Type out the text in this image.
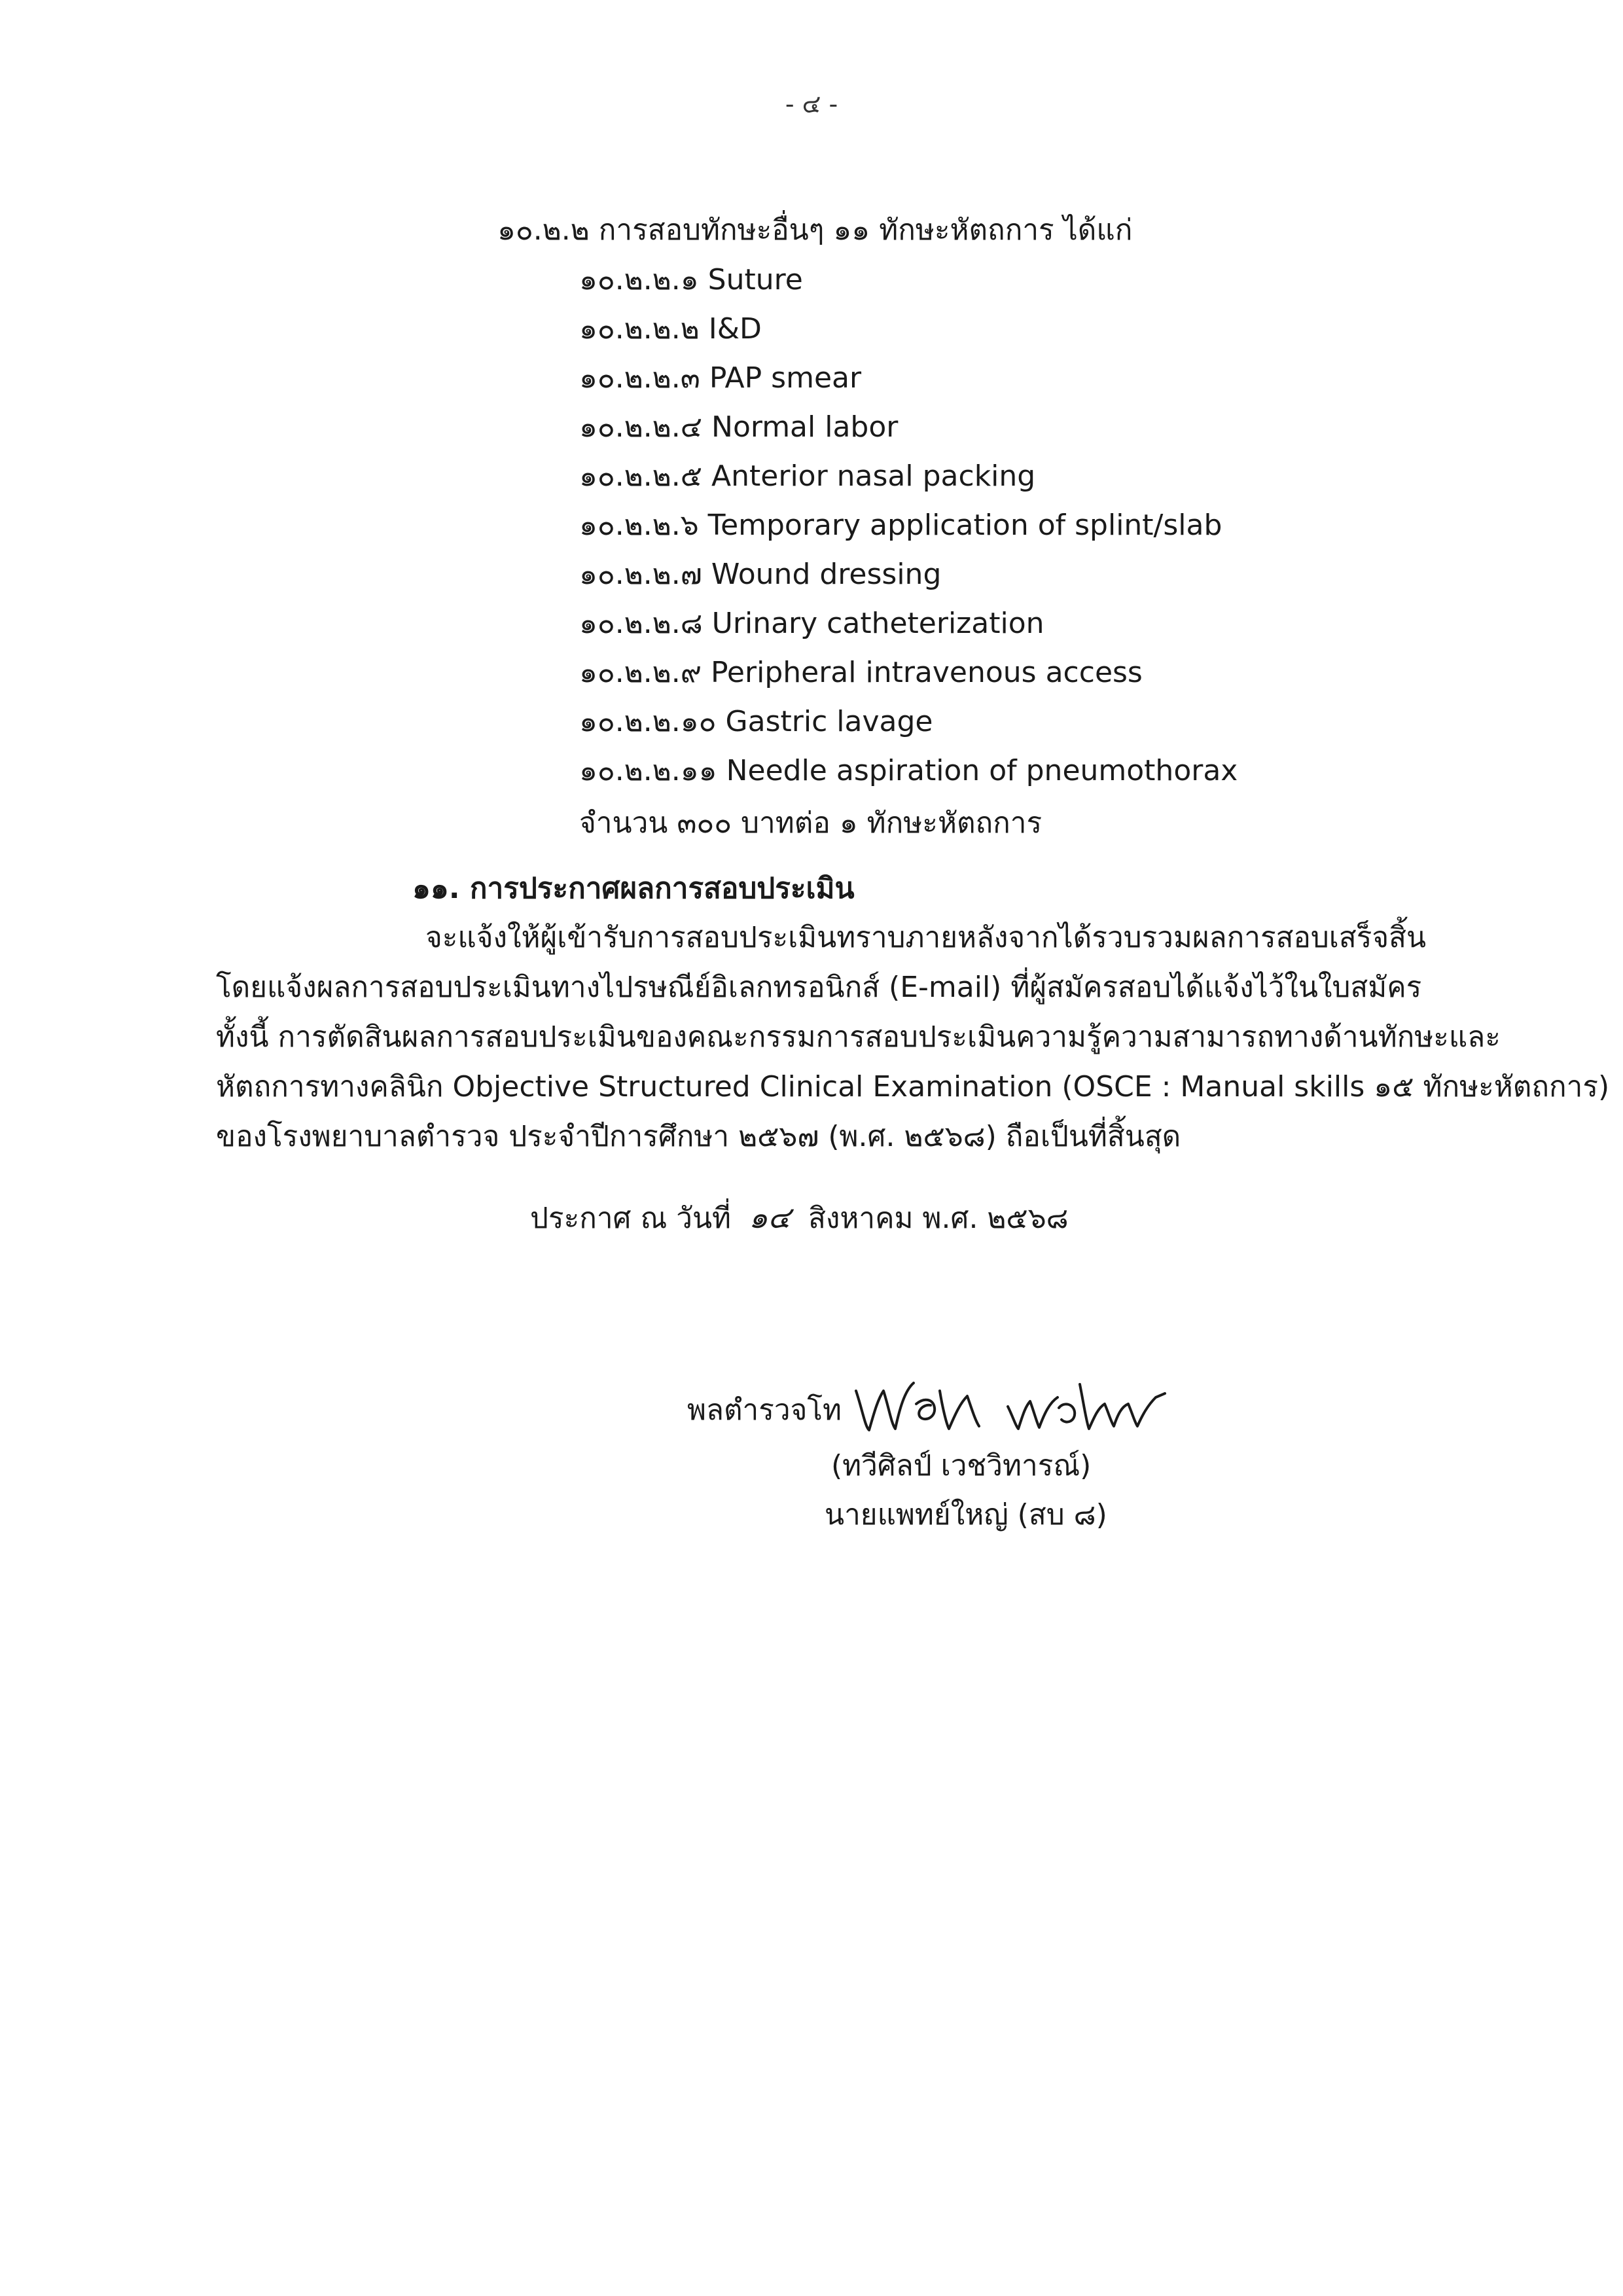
- ๔ -
๑๐.๒.๒ การสอบทักษะอื่นๆ ๑๑ ทักษะหัตถการ ได้แก่
๑๐.๒.๒.๑ Suture
๑๐.๒.๒.๒ I&D
๑๐.๒.๒.๓ PAP smear
๑๐.๒.๒.๔ Normal labor
๑๐.๒.๒.๕ Anterior nasal packing
๑๐.๒.๒.๖ Temporary application of splint/slab
๑๐.๒.๒.๗ Wound dressing
๑๐.๒.๒.๘ Urinary catheterization
๑๐.๒.๒.๙ Peripheral intravenous access
๑๐.๒.๒.๑๐ Gastric lavage
๑๐.๒.๒.๑๑ Needle aspiration of pneumothorax
จำนวน ๓๐๐ บาทต่อ ๑ ทักษะหัตถการ
๑๑. การประกาศผลการสอบประเมิน
จะแจ้งให้ผู้เข้ารับการสอบประเมินทราบภายหลังจากได้รวบรวมผลการสอบเสร็จสิ้น
โดยแจ้งผลการสอบประเมินทางไปรษณีย์อิเลกทรอนิกส์ (E-mail) ที่ผู้สมัครสอบได้แจ้งไว้ในใบสมัคร
ทั้งนี้ การตัดสินผลการสอบประเมินของคณะกรรมการสอบประเมินความรู้ความสามารถทางด้านทักษะและ
หัตถการทางคลินิก Objective Structured Clinical Examination (OSCE : Manual skills ๑๕ ทักษะหัตถการ)
ของโรงพยาบาลตำรวจ ประจำปีการศึกษา ๒๕๖๗ (พ.ศ. ๒๕๖๘) ถือเป็นที่สิ้นสุด
ประกาศ ณ วันที่ ๑๔ สิงหาคม พ.ศ. ๒๕๖๘
พลตำรวจโท
(ทวีศิลป์ เวชวิทารณ์)
นายแพทย์ใหญ่ (สบ ๘)
